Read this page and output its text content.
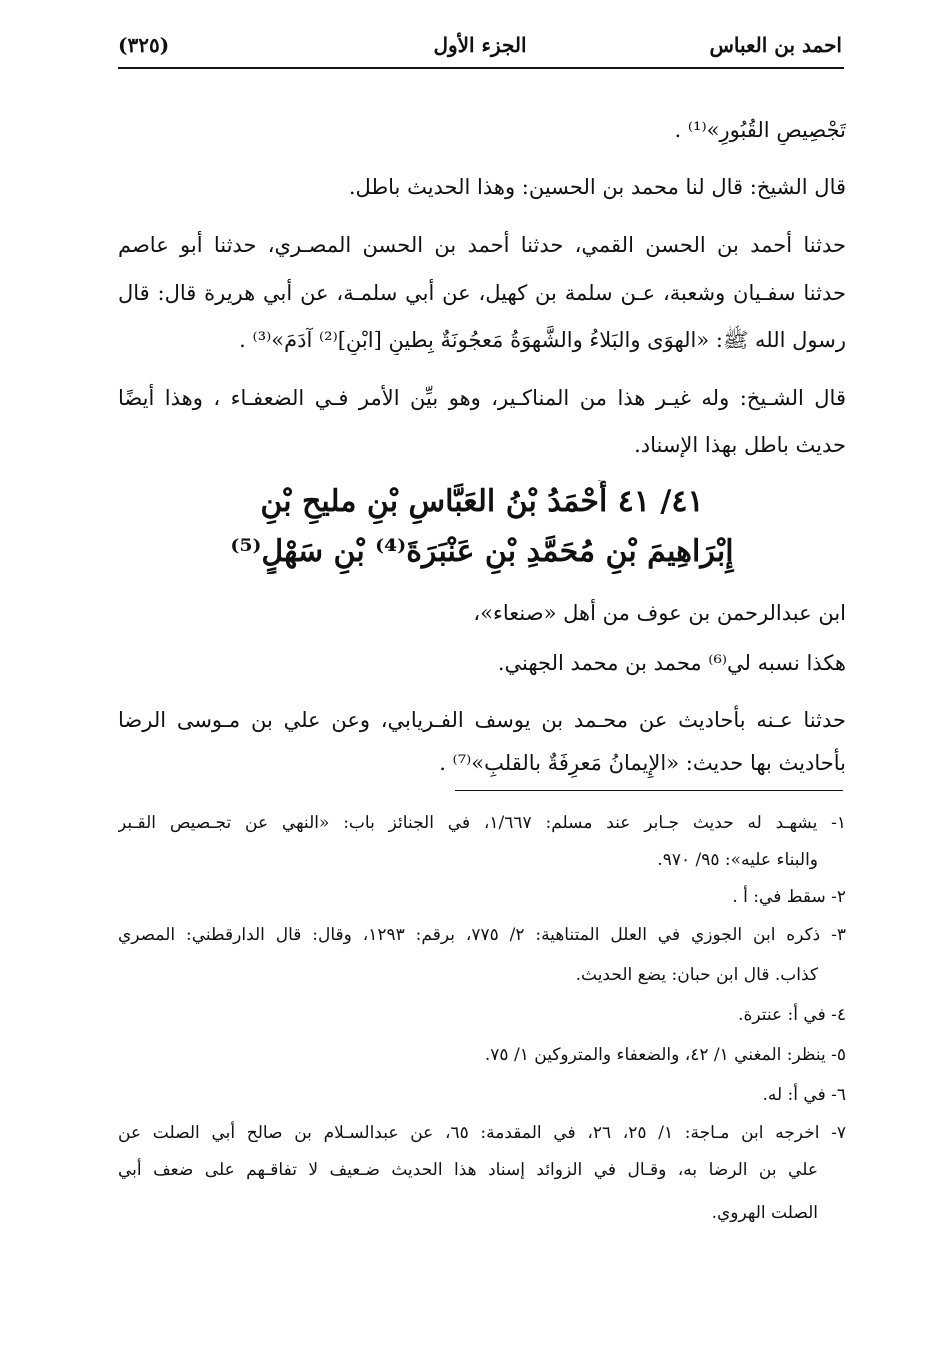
احمد بن العباس
الجزء الأول
(٣٢٥)
تَجْصِيصِ القُبُورِ»⁽¹⁾ .
قال الشيخ: قال لنا محمد بن الحسين: وهذا الحديث باطل.
حدثنا أحمد بن الحسن القمي، حدثنا أحمد بن الحسن المصـري، حدثنا أبو عاصم
حدثنا سفـيان وشعبة، عـن سلمة بن كهيل، عن أبي سلمـة، عن أبي هريرة قال: قال
رسول الله ﷺ: «الهوَى والبَلاءُ والشَّهوَةُ مَعجُونَةٌ بِطينِ [ابْنِ]⁽²⁾ آدَمَ»⁽³⁾ .
قال الشـيخ: وله غيـر هذا من المناكـير، وهو بيِّن الأمر فـي الضعفـاء ، وهذا أيضًا
حديث باطل بهذا الإسناد.
٤١/ ٤١ أَحْمَدُ بْنُ العَبَّاسِ بْنِ مليحِ بْنِ
إِبْرَاهِيمَ بْنِ مُحَمَّدِ بْنِ عَنْبَرَةَ⁽⁴⁾ بْنِ سَهْلٍ⁽⁵⁾
ابن عبدالرحمن بن عوف من أهل «صنعاء»،
هكذا نسبه لي⁽⁶⁾ محمد بن محمد الجهني.
حدثنا عـنه بأحاديث عن محـمد بن يوسف الفـريابي، وعن علي بن مـوسى الرضا
بأحاديث بها حديث: «الإِيمانُ مَعرِفَةٌ بالقلبِ»⁽⁷⁾ .
١- يشهـد له حديث جـابر عند مسلم: ١/٦٦٧، في الجنائز باب: «النهي عن تجـصيص القـبر
والبناء عليه»: ٩٥/ ٩٧٠.
٢- سقط في: أ .
٣- ذكره ابن الجوزي في العلل المتناهية: ٢/ ٧٧٥، برقم: ١٢٩٣، وقال: قال الدارقطني: المصري
كذاب. قال ابن حبان: يضع الحديث.
٤- في أ: عنترة.
٥- ينظر: المغني ١/ ٤٢، والضعفاء والمتروكين ١/ ٧٥.
٦- في أ: له.
٧- اخرجه ابن مـاجة: ١/ ٢٥، ٢٦، في المقدمة: ٦٥، عن عبدالسـلام بن صالح أبي الصلت عن
علي بن الرضا به، وقـال في الزوائد إسناد هذا الحديث ضـعيف لا تفاقـهم على ضعف أبي
الصلت الهروي.
